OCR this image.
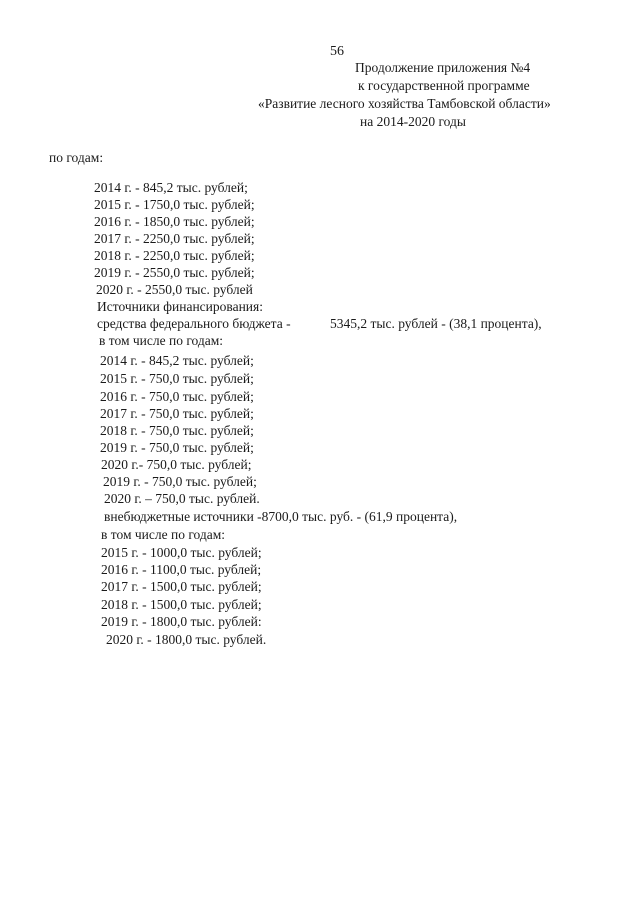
56
Продолжение приложения №4
к государственной программе
«Развитие лесного хозяйства Тамбовской области»
на 2014-2020 годы
по годам:
2014 г. - 845,2 тыс. рублей;
2015 г. - 1750,0 тыс. рублей;
2016 г. - 1850,0 тыс. рублей;
2017 г. - 2250,0 тыс. рублей;
2018 г. - 2250,0 тыс. рублей;
2019 г. - 2550,0 тыс. рублей;
2020 г. - 2550,0 тыс. рублей
Источники финансирования:
средства федерального бюджета -	5345,2 тыс. рублей - (38,1 процента),
в том числе по годам:
2014 г. - 845,2 тыс. рублей;
2015 г. - 750,0 тыс. рублей;
2016 г. - 750,0 тыс. рублей;
2017 г. - 750,0 тыс. рублей;
2018 г. - 750,0 тыс. рублей;
2019 г. - 750,0 тыс. рублей;
2020 г.- 750,0 тыс. рублей;
2019 г. - 750,0 тыс. рублей;
2020 г. – 750,0 тыс. рублей.
внебюджетные источники -8700,0 тыс. руб. - (61,9 процента),
в том числе по годам:
2015 г. - 1000,0 тыс. рублей;
2016 г. - 1100,0 тыс. рублей;
2017 г. - 1500,0 тыс. рублей;
2018 г. - 1500,0 тыс. рублей;
2019 г. - 1800,0 тыс. рублей:
2020 г. - 1800,0 тыс. рублей.
